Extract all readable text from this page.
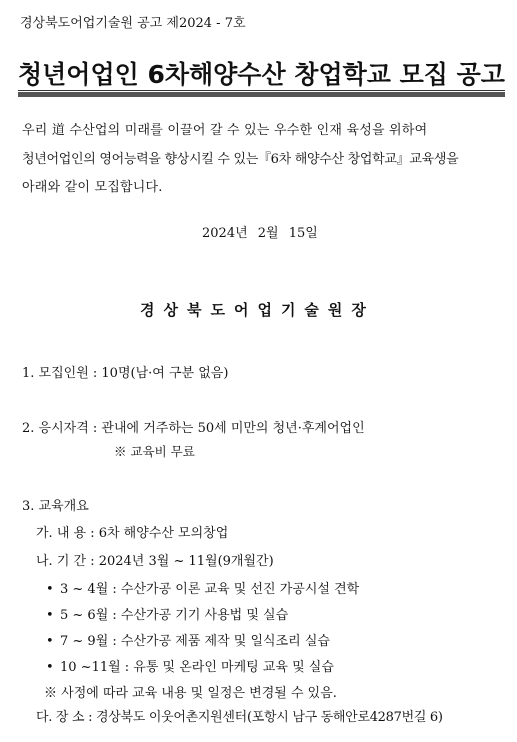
경상북도어업기술원 공고 제2024 - 7호
청년어업인 6차해양수산 창업학교 모집 공고
우리 道 수산업의 미래를 이끌어 갈 수 있는 우수한 인재 육성을 위하여
청년어업인의 영어능력을 향상시킬 수 있는『6차 해양수산 창업학교』교육생을
아래와 같이 모집합니다.
2024년 2월 15일
경상북도어업기술원장
1. 모집인원 : 10명(남·여 구분 없음)
2. 응시자격 : 관내에 거주하는 50세 미만의 청년·후계어업인
※ 교육비 무료
3. 교육개요
가. 내 용 : 6차 해양수산 모의창업
나. 기 간 : 2024년 3월 ~ 11월(9개월간)
• 3 ~ 4월 : 수산가공 이론 교육 및 선진 가공시설 견학
• 5 ~ 6월 : 수산가공 기기 사용법 및 실습
• 7 ~ 9월 : 수산가공 제품 제작 및 일식조리 실습
• 10 ~11월 : 유통 및 온라인 마케팅 교육 및 실습
※ 사정에 따라 교육 내용 및 일정은 변경될 수 있음.
다. 장 소 : 경상북도 이웃어촌지원센터(포항시 남구 동해안로4287번길 6)
